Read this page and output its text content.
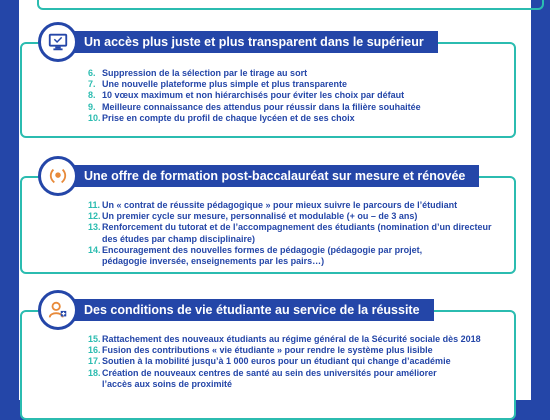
Un accès plus juste et plus transparent dans le supérieur
6. Suppression de la sélection par le tirage au sort
7. Une nouvelle plateforme plus simple et plus transparente
8. 10 vœux maximum et non hiérarchisés pour éviter les choix par défaut
9. Meilleure connaissance des attendus pour réussir dans la filière souhaitée
10. Prise en compte du profil de chaque lycéen et de ses choix
Une offre de formation post-baccalauréat sur mesure et rénovée
11. Un « contrat de réussite pédagogique » pour mieux suivre le parcours de l’étudiant
12. Un premier cycle sur mesure, personnalisé et modulable (+ ou – de 3 ans)
13. Renforcement du tutorat et de l’accompagnement des étudiants (nomination d’un directeur
des études par champ disciplinaire)
14. Encouragement des nouvelles formes de pédagogie (pédagogie par projet,
pédagogie inversée, enseignements par les pairs…)
Des conditions de vie étudiante au service de la réussite
15. Rattachement des nouveaux étudiants au régime général de la Sécurité sociale dès 2018
16. Fusion des contributions « vie étudiante » pour rendre le système plus lisible
17. Soutien à la mobilité jusqu’à 1 000 euros pour un étudiant qui change d’académie
18. Création de nouveaux centres de santé au sein des universités pour améliorer
l’accès aux soins de proximité
